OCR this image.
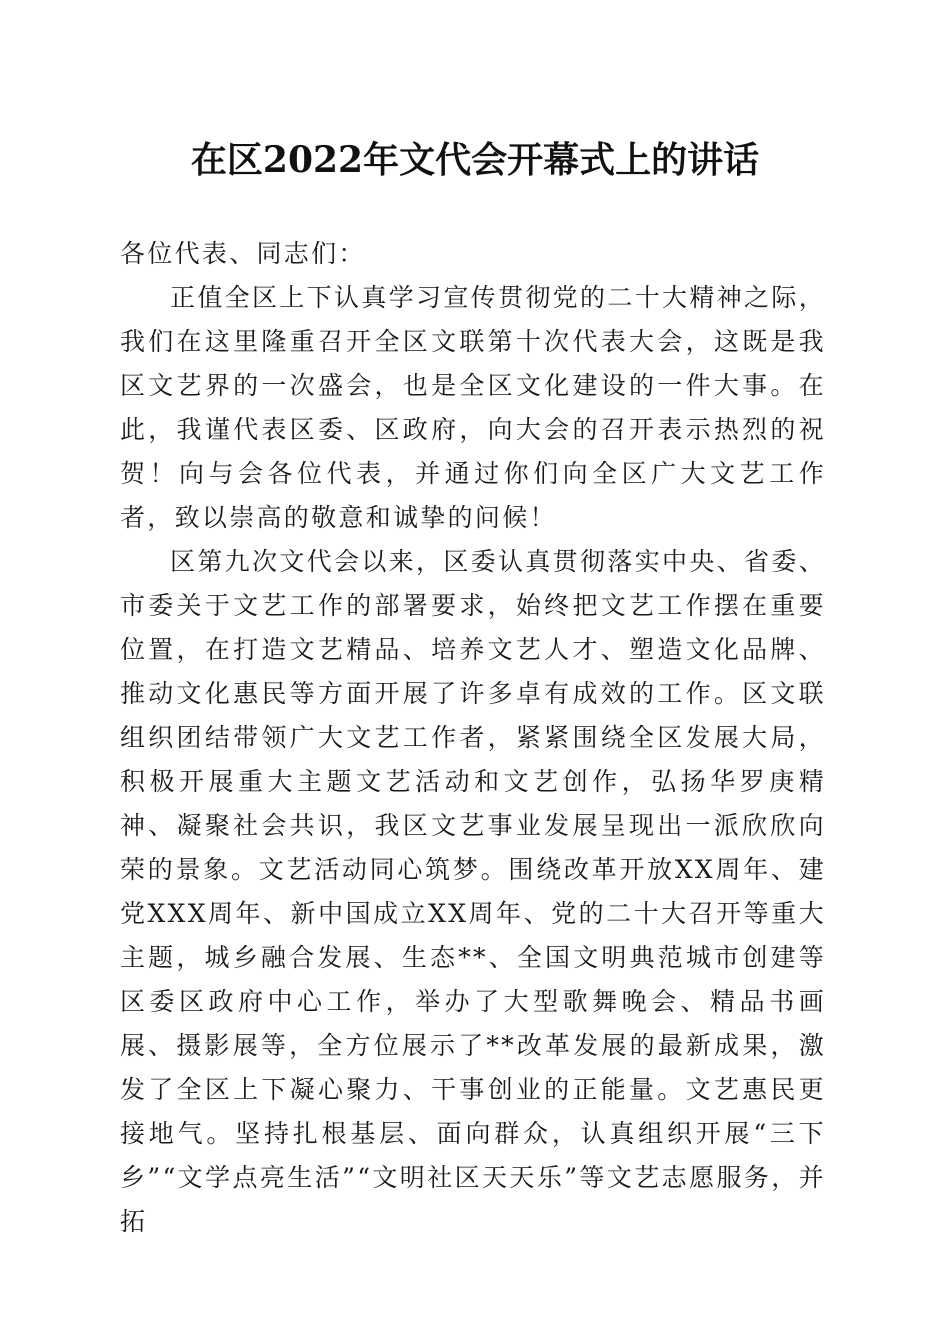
在区2022年文代会开幕式上的讲话

各位代表、同志们：

正值全区上下认真学习宣传贯彻党的二十大精神之际，我们在这里隆重召开全区文联第十次代表大会，这既是我区文艺界的一次盛会，也是全区文化建设的一件大事。在此，我谨代表区委、区政府，向大会的召开表示热烈的祝贺！向与会各位代表，并通过你们向全区广大文艺工作者，致以崇高的敬意和诚挚的问候！

区第九次文代会以来，区委认真贯彻落实中央、省委、市委关于文艺工作的部署要求，始终把文艺工作摆在重要位置，在打造文艺精品、培养文艺人才、塑造文化品牌、推动文化惠民等方面开展了许多卓有成效的工作。区文联组织团结带领广大文艺工作者，紧紧围绕全区发展大局，积极开展重大主题文艺活动和文艺创作，弘扬华罗庚精神、凝聚社会共识，我区文艺事业发展呈现出一派欣欣向荣的景象。文艺活动同心筑梦。围绕改革开放XX周年、建党XXX周年、新中国成立XX周年、党的二十大召开等重大主题，城乡融合发展、生态**、全国文明典范城市创建等区委区政府中心工作，举办了大型歌舞晚会、精品书画展、摄影展等，全方位展示了**改革发展的最新成果，激发了全区上下凝心聚力、干事创业的正能量。文艺惠民更接地气。坚持扎根基层、面向群众，认真组织开展“三下乡”“文学点亮生活”“文明社区天天乐”等文艺志愿服务，并拓
